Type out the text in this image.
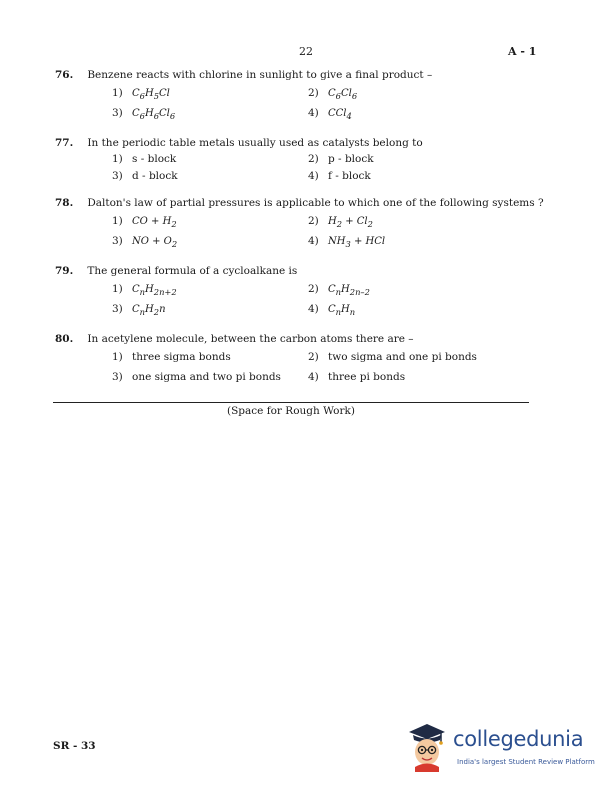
22	A - 1
76. Benzene reacts with chlorine in sunlight to give a final product –
1) $C_6H_5Cl$	2) $C_6Cl_6$
3) $C_6H_6Cl_6$	4) CCl$_4$
77. In the periodic table metals usually used as catalysts belong to
1) s - block	2) p - block
3) d - block	4) f - block
78. Dalton's law of partial pressures is applicable to which one of the following systems ?
1) CO + $H_2$	2) $H_2 + Cl_2$
3) NO + $O_2$	4) $NH_3$ + HCl
79. The general formula of a cycloalkane is
1) $C_nH_{2n+2}$	2) $C_nH_{2n-2}$
3) $C_nH_2n$	4) $C_nH_n$
80. In acetylene molecule, between the carbon atoms there are –
1) three sigma bonds	2) two sigma and one pi bonds
3) one sigma and two pi bonds	4) three pi bonds
(Space for Rough Work)
SR - 33	collegedunia
India's largest Student Review Platform
